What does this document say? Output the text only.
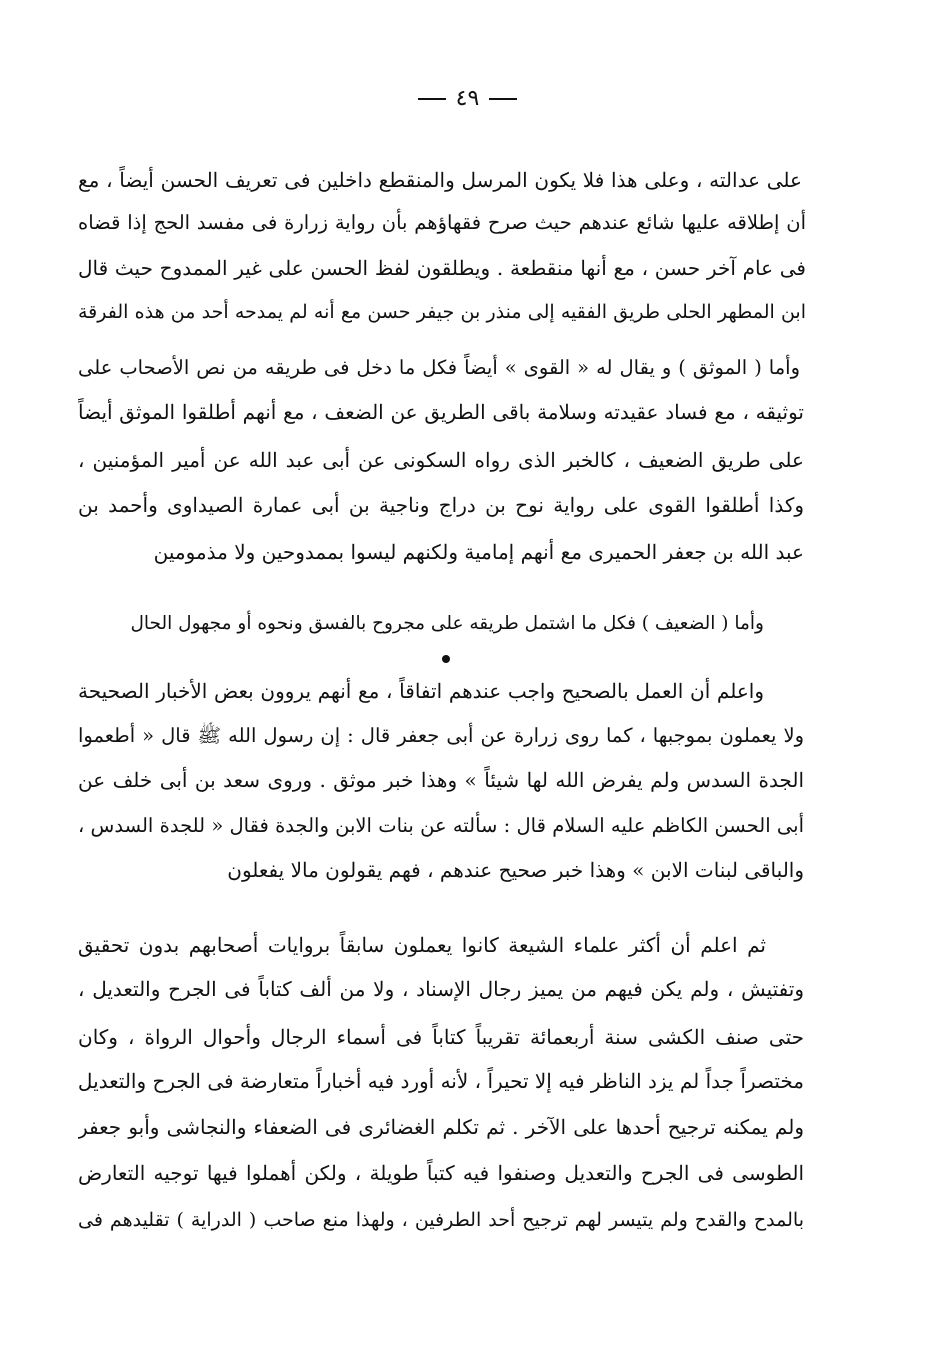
٤٩
على عدالته ، وعلى هذا فلا يكون المرسل والمنقطع داخلين فى تعريف الحسن أيضاً ، مع
أن إطلاقه عليها شائع عندهم حيث صرح فقهاؤهم بأن رواية زرارة فى مفسد الحج إذا قضاه
فى عام آخر حسن ، مع أنها منقطعة . ويطلقون لفظ الحسن على غير الممدوح حيث قال
ابن المطهر الحلى طريق الفقيه إلى منذر بن جيفر حسن مع أنه لم يمدحه أحد من هذه الفرقة
وأما ( الموثق ) و يقال له « القوى » أيضاً فكل ما دخل فى طريقه من نص الأصحاب على
توثيقه ، مع فساد عقيدته وسلامة باقى الطريق عن الضعف ، مع أنهم أطلقوا الموثق أيضاً
على طريق الضعيف ، كالخبر الذى رواه السكونى عن أبى عبد الله عن أمير المؤمنين ،
وكذا أطلقوا القوى على رواية نوح بن دراج وناجية بن أبى عمارة الصيداوى وأحمد بن
عبد الله بن جعفر الحميرى مع أنهم إمامية ولكنهم ليسوا بممدوحين ولا مذمومين
وأما ( الضعيف ) فكل ما اشتمل طريقه على مجروح بالفسق ونحوه أو مجهول الحال
واعلم أن العمل بالصحيح واجب عندهم اتفاقاً ، مع أنهم يروون بعض الأخبار الصحيحة
ولا يعملون بموجبها ، كما روى زرارة عن أبى جعفر قال : إن رسول الله ﷺ قال « أطعموا
الجدة السدس ولم يفرض الله لها شيئاً » وهذا خبر موثق . وروى سعد بن أبى خلف عن
أبى الحسن الكاظم عليه السلام قال : سألته عن بنات الابن والجدة فقال « للجدة السدس ،
والباقى لبنات الابن » وهذا خبر صحيح عندهم ، فهم يقولون مالا يفعلون
ثم اعلم أن أكثر علماء الشيعة كانوا يعملون سابقاً بروايات أصحابهم بدون تحقيق
وتفتيش ، ولم يكن فيهم من يميز رجال الإسناد ، ولا من ألف كتاباً فى الجرح والتعديل ،
حتى صنف الكشى سنة أربعمائة تقريباً كتاباً فى أسماء الرجال وأحوال الرواة ، وكان
مختصراً جداً لم يزد الناظر فيه إلا تحيراً ، لأنه أورد فيه أخباراً متعارضة فى الجرح والتعديل
ولم يمكنه ترجيح أحدها على الآخر . ثم تكلم الغضائرى فى الضعفاء والنجاشى وأبو جعفر
الطوسى فى الجرح والتعديل وصنفوا فيه كتباً طويلة ، ولكن أهملوا فيها توجيه التعارض
بالمدح والقدح ولم يتيسر لهم ترجيح أحد الطرفين ، ولهذا منع صاحب ( الدراية ) تقليدهم فى
